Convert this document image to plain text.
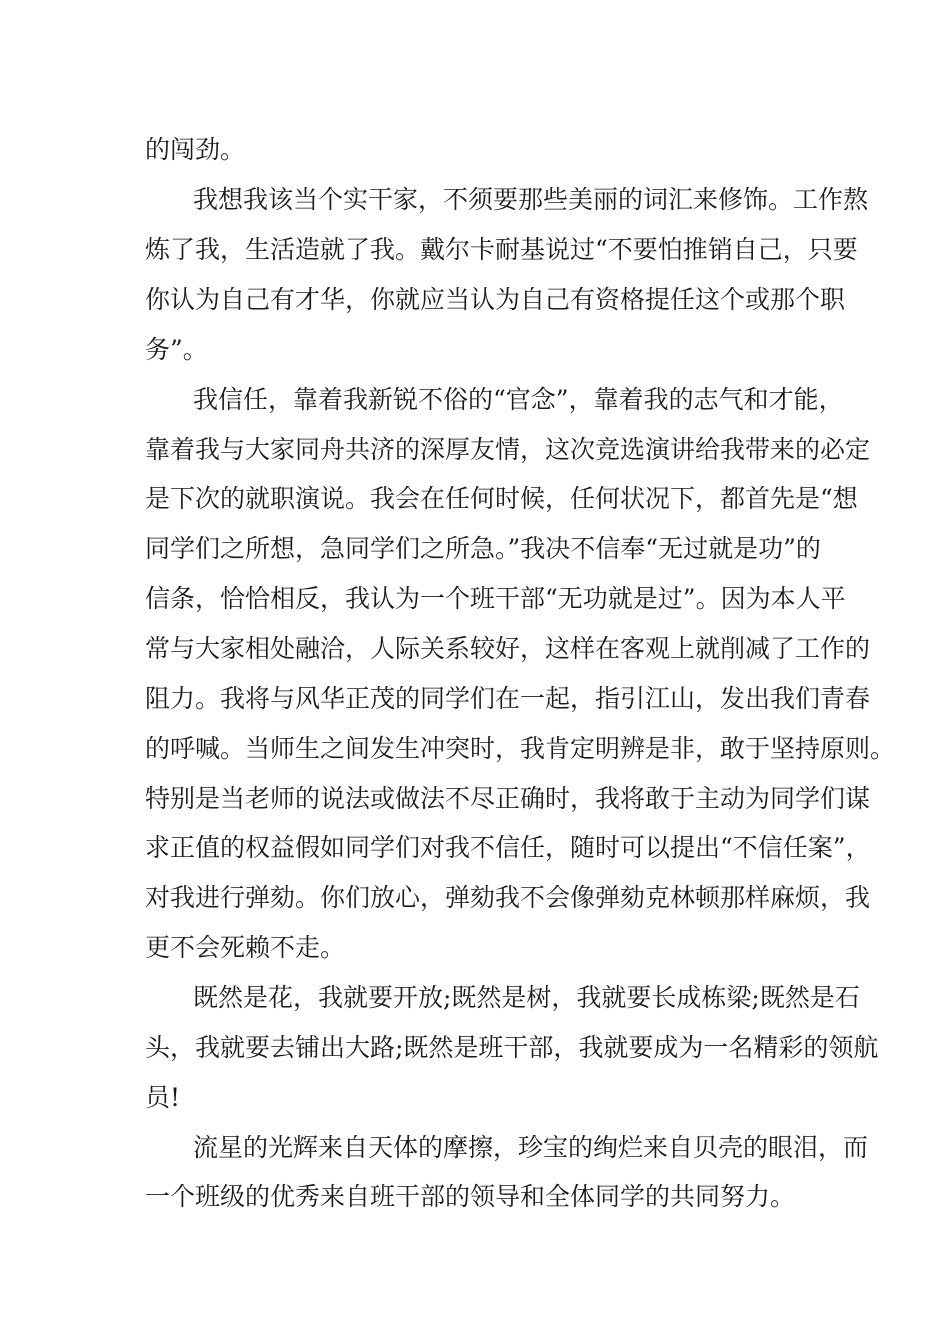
的闯劲。

我想我该当个实干家，不须要那些美丽的词汇来修饰。工作熬

炼了我，生活造就了我。戴尔卡耐基说过“不要怕推销自己，只要

你认为自己有才华，你就应当认为自己有资格提任这个或那个职

务”。

我信任，靠着我新锐不俗的“官念”，靠着我的志气和才能，

靠着我与大家同舟共济的深厚友情，这次竞选演讲给我带来的必定

是下次的就职演说。我会在任何时候，任何状况下，都首先是“想

同学们之所想，急同学们之所急。”我决不信奉“无过就是功”的

信条，恰恰相反，我认为一个班干部“无功就是过”。因为本人平

常与大家相处融洽，人际关系较好，这样在客观上就削减了工作的

阻力。我将与风华正茂的同学们在一起，指引江山，发出我们青春

的呼喊。当师生之间发生冲突时，我肯定明辨是非，敢于坚持原则。

特别是当老师的说法或做法不尽正确时，我将敢于主动为同学们谋

求正值的权益假如同学们对我不信任，随时可以提出“不信任案”，

对我进行弹劾。你们放心，弹劾我不会像弹劾克林顿那样麻烦，我

更不会死赖不走。

既然是花，我就要开放;既然是树，我就要长成栋梁;既然是石

头，我就要去铺出大路;既然是班干部，我就要成为一名精彩的领航

员!

流星的光辉来自天体的摩擦，珍宝的绚烂来自贝壳的眼泪，而

一个班级的优秀来自班干部的领导和全体同学的共同努力。
